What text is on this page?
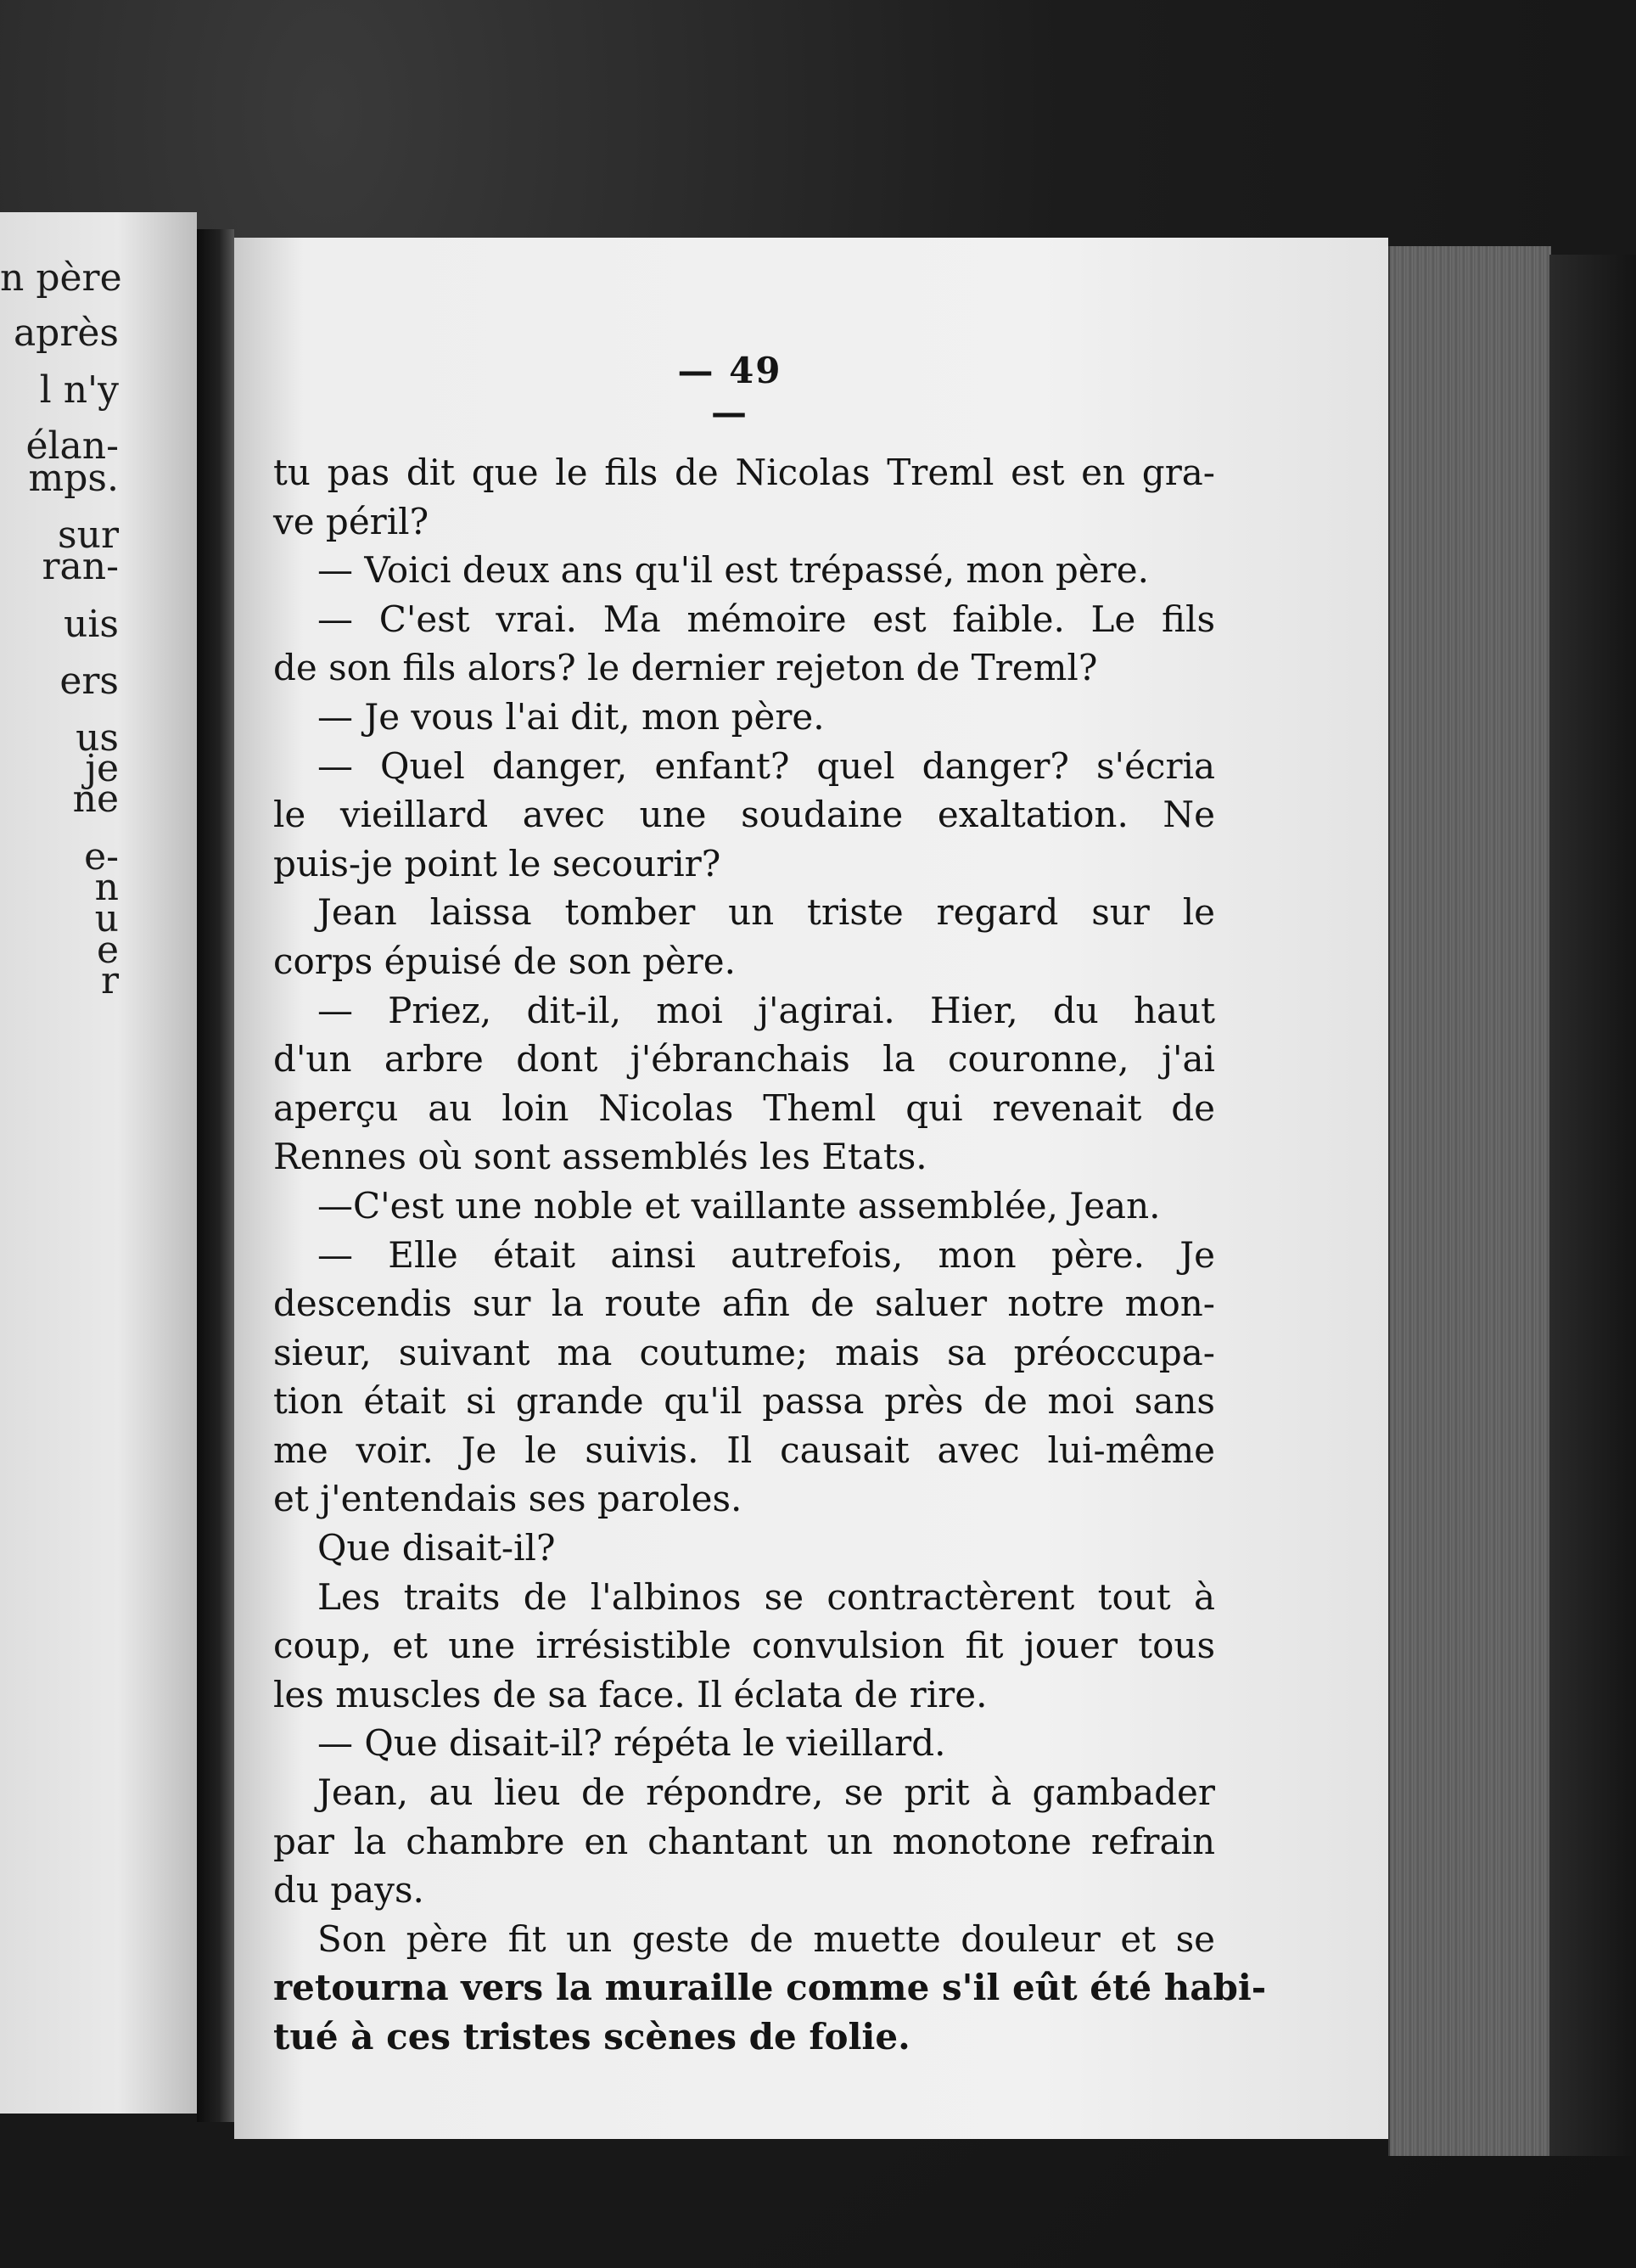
n père
après
l n'y
élan-
mps.
sur
ran-
uis
ers
us
je
ne
e-
n
u
e
r
— 49 —
tu pas dit que le fils de Nicolas Treml est en gra-
ve péril?
— Voici deux ans qu'il est trépassé, mon père.
— C'est vrai. Ma mémoire est faible. Le fils
de son fils alors? le dernier rejeton de Treml?
— Je vous l'ai dit, mon père.
— Quel danger, enfant? quel danger? s'écria
le vieillard avec une soudaine exaltation. Ne
puis-je point le secourir?
Jean laissa tomber un triste regard sur le
corps épuisé de son père.
— Priez, dit-il, moi j'agirai. Hier, du haut
d'un arbre dont j'ébranchais la couronne, j'ai
aperçu au loin Nicolas Theml qui revenait de
Rennes où sont assemblés les Etats.
—C'est une noble et vaillante assemblée, Jean.
— Elle était ainsi autrefois, mon père. Je
descendis sur la route afin de saluer notre mon-
sieur, suivant ma coutume; mais sa préoccupa-
tion était si grande qu'il passa près de moi sans
me voir. Je le suivis. Il causait avec lui-même
et j'entendais ses paroles.
Que disait-il?
Les traits de l'albinos se contractèrent tout à
coup, et une irrésistible convulsion fit jouer tous
les muscles de sa face. Il éclata de rire.
— Que disait-il? répéta le vieillard.
Jean, au lieu de répondre, se prit à gambader
par la chambre en chantant un monotone refrain
du pays.
Son père fit un geste de muette douleur et se
retourna vers la muraille comme s'il eût été habi-
tué à ces tristes scènes de folie.
